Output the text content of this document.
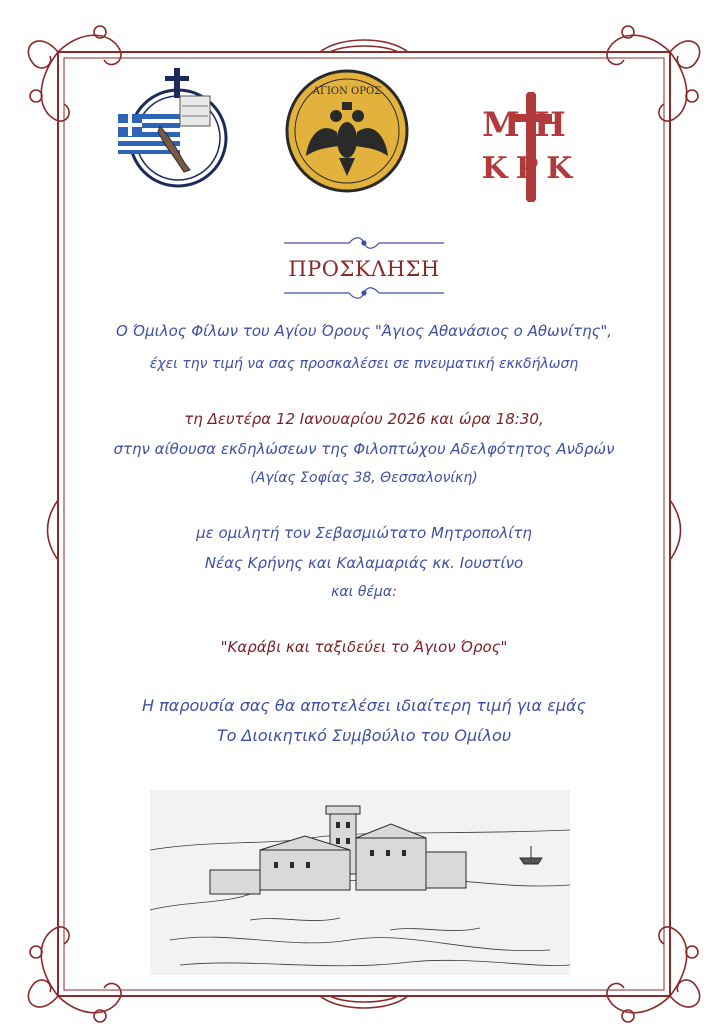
ΑΓΙΟΝ ΟΡΟΣ
ΜΗ
ΚΡΚ
ΠΡΟΣΚΛΗΣΗ
Ο Όμιλος Φίλων του Αγίου Όρους "Άγιος Αθανάσιος ο Αθωνίτης",
έχει την τιμή να σας προσκαλέσει σε πνευματική εκκδήλωση
τη Δευτέρα 12 Ιανουαρίου 2026 και ώρα 18:30,
στην αίθουσα εκδηλώσεων της Φιλοπτώχου Αδελφότητος Ανδρών
(Αγίας Σοφίας 38, Θεσσαλονίκη)
με ομιλητή τον Σεβασμιώτατο Μητροπολίτη
Νέας Κρήνης και Καλαμαριάς κκ. Ιουστίνο
και θέμα:
"Καράβι και ταξιδεύει το Άγιον Όρος"
Η παρουσία σας θα αποτελέσει ιδιαίτερη τιμή για εμάς
Το Διοικητικό Συμβούλιο του Ομίλου
